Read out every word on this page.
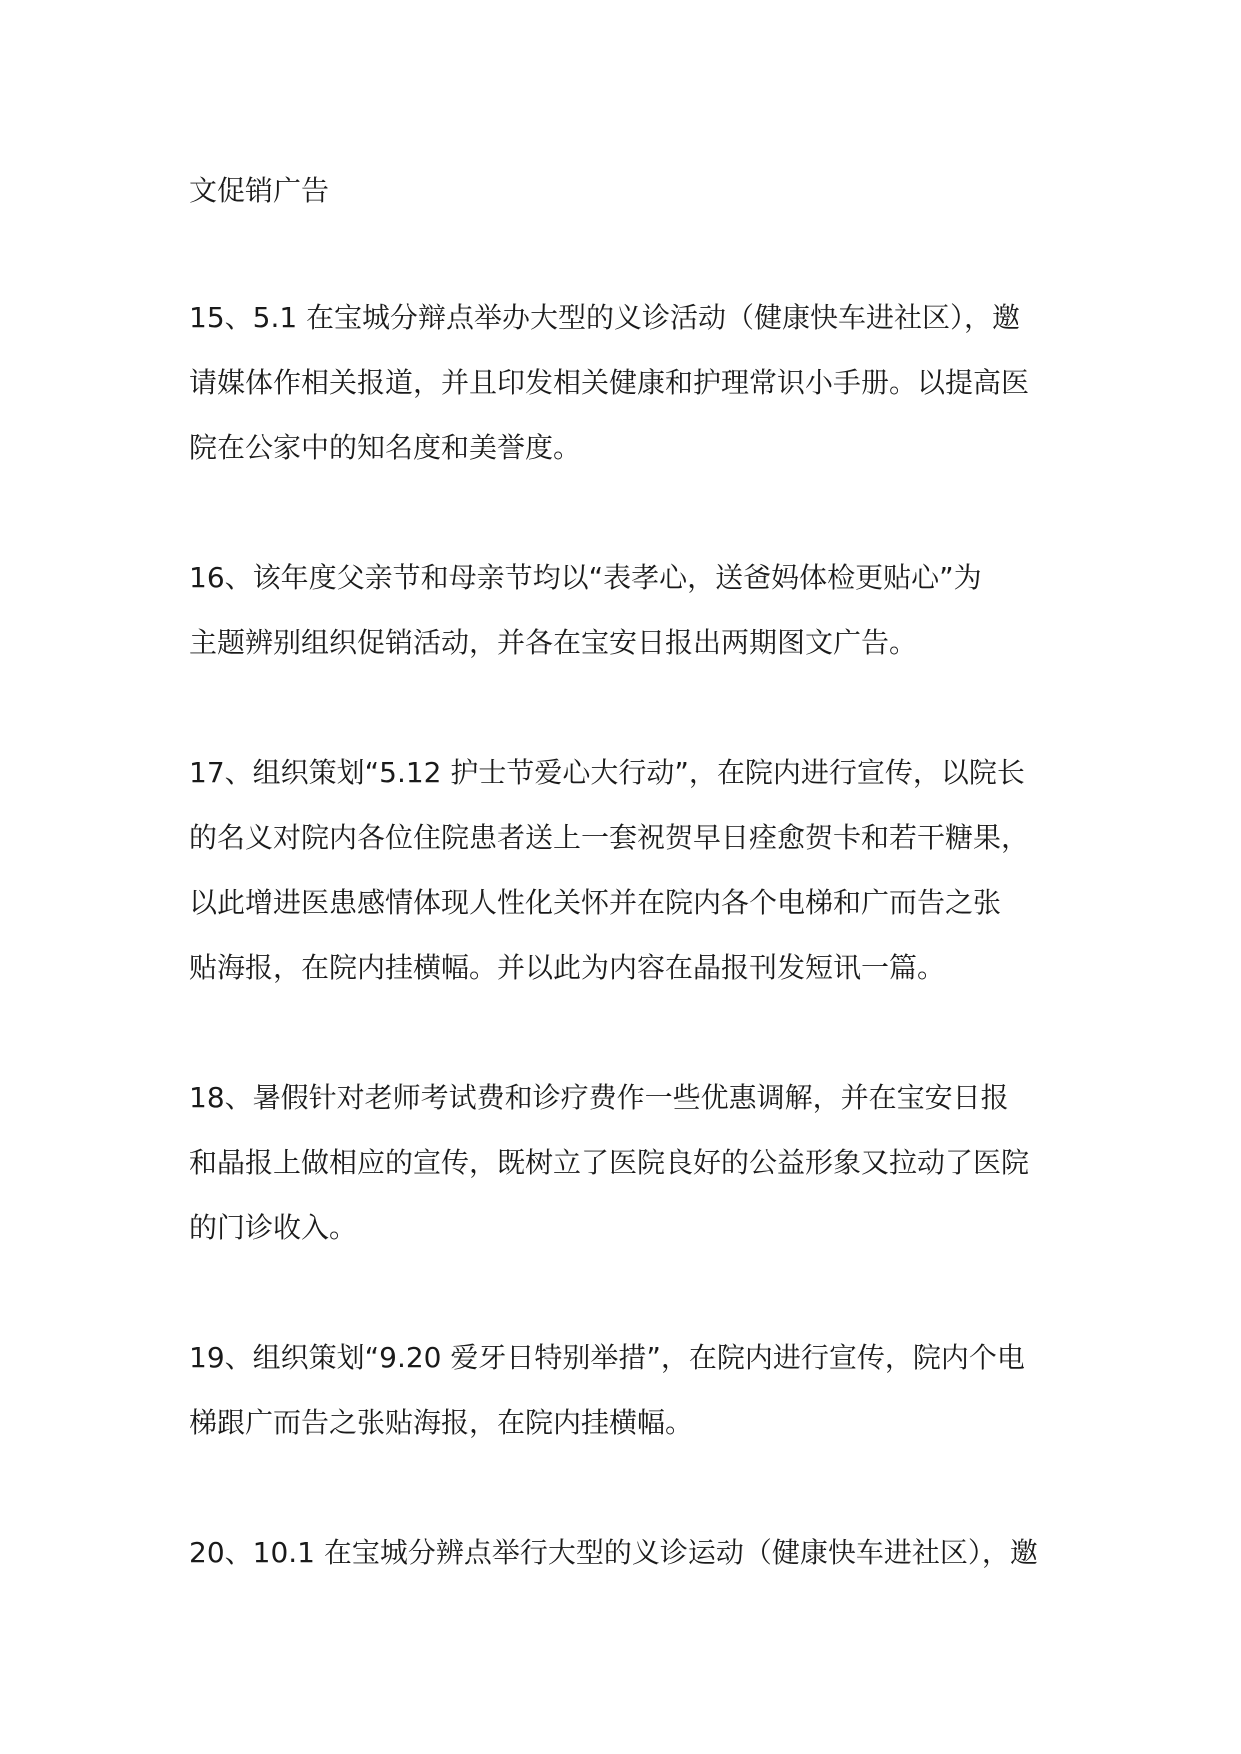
文促销广告
15、5.1 在宝城分辩点举办大型的义诊活动（健康快车进社区），邀
请媒体作相关报道，并且印发相关健康和护理常识小手册。以提高医
院在公家中的知名度和美誉度。
16、该年度父亲节和母亲节均以“表孝心，送爸妈体检更贴心”为
主题辨别组织促销活动，并各在宝安日报出两期图文广告。
17、组织策划“5.12 护士节爱心大行动”，在院内进行宣传，以院长
的名义对院内各位住院患者送上一套祝贺早日痊愈贺卡和若干糖果，
以此增进医患感情体现人性化关怀并在院内各个电梯和广而告之张
贴海报，在院内挂横幅。并以此为内容在晶报刊发短讯一篇。
18、暑假针对老师考试费和诊疗费作一些优惠调解，并在宝安日报
和晶报上做相应的宣传，既树立了医院良好的公益形象又拉动了医院
的门诊收入。
19、组织策划“9.20 爱牙日特别举措”，在院内进行宣传，院内个电
梯跟广而告之张贴海报，在院内挂横幅。
20、10.1 在宝城分辨点举行大型的义诊运动（健康快车进社区），邀
